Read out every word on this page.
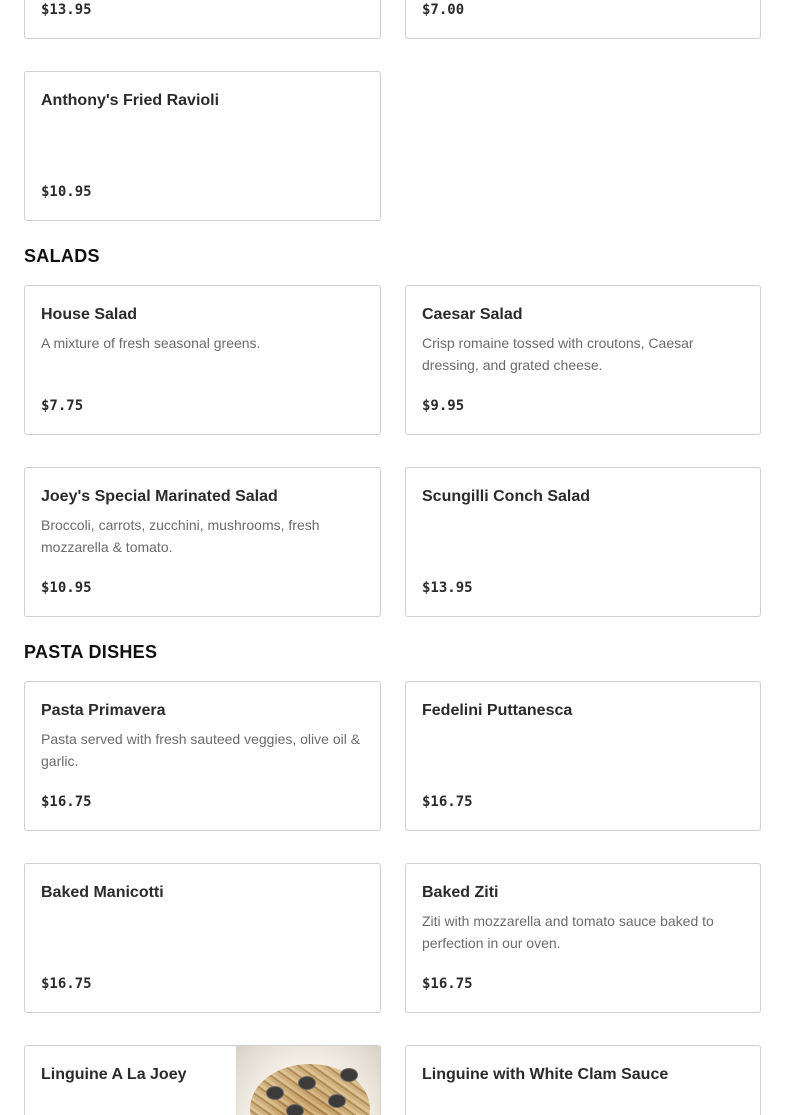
$13.95	$7.00
Anthony's Fried Ravioli
$10.95
SALADS
House Salad
A mixture of fresh seasonal greens.
$7.75
Caesar Salad
Crisp romaine tossed with croutons, Caesar dressing, and grated cheese.
$9.95
Joey's Special Marinated Salad
Broccoli, carrots, zucchini, mushrooms, fresh mozzarella & tomato.
$10.95
Scungilli Conch Salad
$13.95
PASTA DISHES
Pasta Primavera
Pasta served with fresh sauteed veggies, olive oil & garlic.
$16.75
Fedelini Puttanesca
$16.75
Baked Manicotti
$16.75
Baked Ziti
Ziti with mozzarella and tomato sauce baked to perfection in our oven.
$16.75
Linguine A La Joey	Linguine with White Clam Sauce
